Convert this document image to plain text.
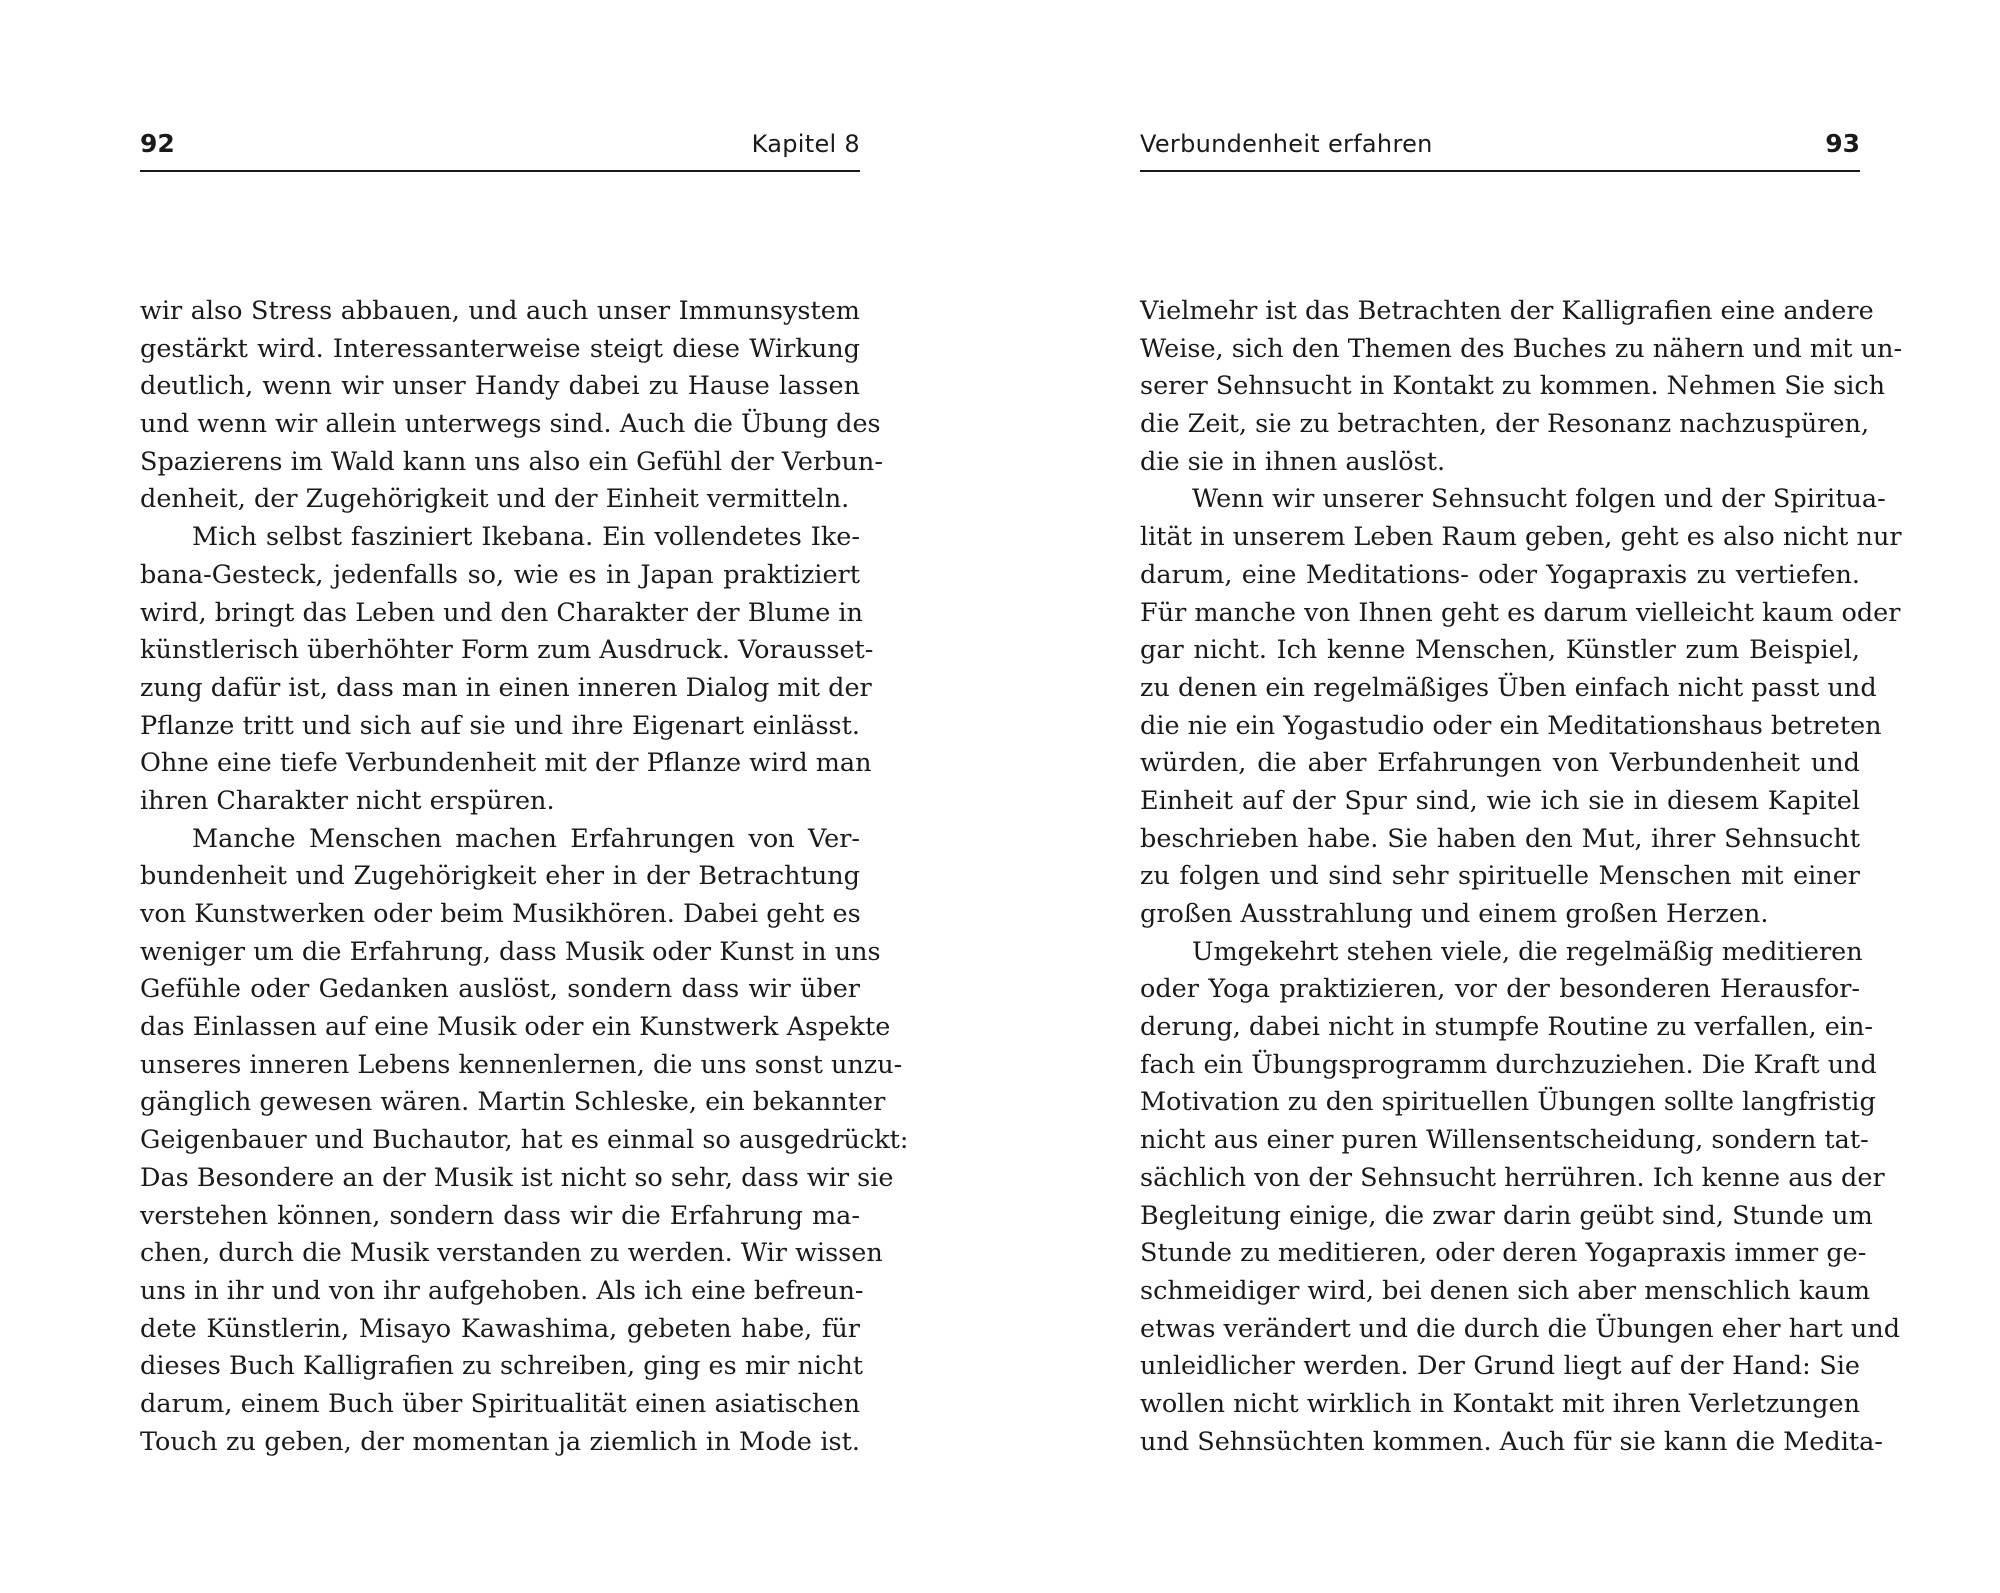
92	Kapitel 8
wir also Stress abbauen, und auch unser Immunsystem
gestärkt wird. Interessanterweise steigt diese Wirkung
deutlich, wenn wir unser Handy dabei zu Hause lassen
und wenn wir allein unterwegs sind. Auch die Übung des
Spazierens im Wald kann uns also ein Gefühl der Verbun-
denheit, der Zugehörigkeit und der Einheit vermitteln.
Mich selbst fasziniert Ikebana. Ein vollendetes Ike-
bana-Gesteck, jedenfalls so, wie es in Japan praktiziert
wird, bringt das Leben und den Charakter der Blume in
künstlerisch überhöhter Form zum Ausdruck. Vorausset-
zung dafür ist, dass man in einen inneren Dialog mit der
Pflanze tritt und sich auf sie und ihre Eigenart einlässt.
Ohne eine tiefe Verbundenheit mit der Pflanze wird man
ihren Charakter nicht erspüren.
Manche Menschen machen Erfahrungen von Ver-
bundenheit und Zugehörigkeit eher in der Betrachtung
von Kunstwerken oder beim Musikhören. Dabei geht es
weniger um die Erfahrung, dass Musik oder Kunst in uns
Gefühle oder Gedanken auslöst, sondern dass wir über
das Einlassen auf eine Musik oder ein Kunstwerk Aspekte
unseres inneren Lebens kennenlernen, die uns sonst unzu-
gänglich gewesen wären. Martin Schleske, ein bekannter
Geigenbauer und Buchautor, hat es einmal so ausgedrückt:
Das Besondere an der Musik ist nicht so sehr, dass wir sie
verstehen können, sondern dass wir die Erfahrung ma-
chen, durch die Musik verstanden zu werden. Wir wissen
uns in ihr und von ihr aufgehoben. Als ich eine befreun-
dete Künstlerin, Misayo Kawashima, gebeten habe, für
dieses Buch Kalligrafien zu schreiben, ging es mir nicht
darum, einem Buch über Spiritualität einen asiatischen
Touch zu geben, der momentan ja ziemlich in Mode ist.
Verbundenheit erfahren	93
Vielmehr ist das Betrachten der Kalligrafien eine andere
Weise, sich den Themen des Buches zu nähern und mit un-
serer Sehnsucht in Kontakt zu kommen. Nehmen Sie sich
die Zeit, sie zu betrachten, der Resonanz nachzuspüren,
die sie in ihnen auslöst.
Wenn wir unserer Sehnsucht folgen und der Spiritua-
lität in unserem Leben Raum geben, geht es also nicht nur
darum, eine Meditations- oder Yogapraxis zu vertiefen.
Für manche von Ihnen geht es darum vielleicht kaum oder
gar nicht. Ich kenne Menschen, Künstler zum Beispiel,
zu denen ein regelmäßiges Üben einfach nicht passt und
die nie ein Yogastudio oder ein Meditationshaus betreten
würden, die aber Erfahrungen von Verbundenheit und
Einheit auf der Spur sind, wie ich sie in diesem Kapitel
beschrieben habe. Sie haben den Mut, ihrer Sehnsucht
zu folgen und sind sehr spirituelle Menschen mit einer
großen Ausstrahlung und einem großen Herzen.
Umgekehrt stehen viele, die regelmäßig meditieren
oder Yoga praktizieren, vor der besonderen Herausfor-
derung, dabei nicht in stumpfe Routine zu verfallen, ein-
fach ein Übungsprogramm durchzuziehen. Die Kraft und
Motivation zu den spirituellen Übungen sollte langfristig
nicht aus einer puren Willensentscheidung, sondern tat-
sächlich von der Sehnsucht herrühren. Ich kenne aus der
Begleitung einige, die zwar darin geübt sind, Stunde um
Stunde zu meditieren, oder deren Yogapraxis immer ge-
schmeidiger wird, bei denen sich aber menschlich kaum
etwas verändert und die durch die Übungen eher hart und
unleidlicher werden. Der Grund liegt auf der Hand: Sie
wollen nicht wirklich in Kontakt mit ihren Verletzungen
und Sehnsüchten kommen. Auch für sie kann die Medita-
